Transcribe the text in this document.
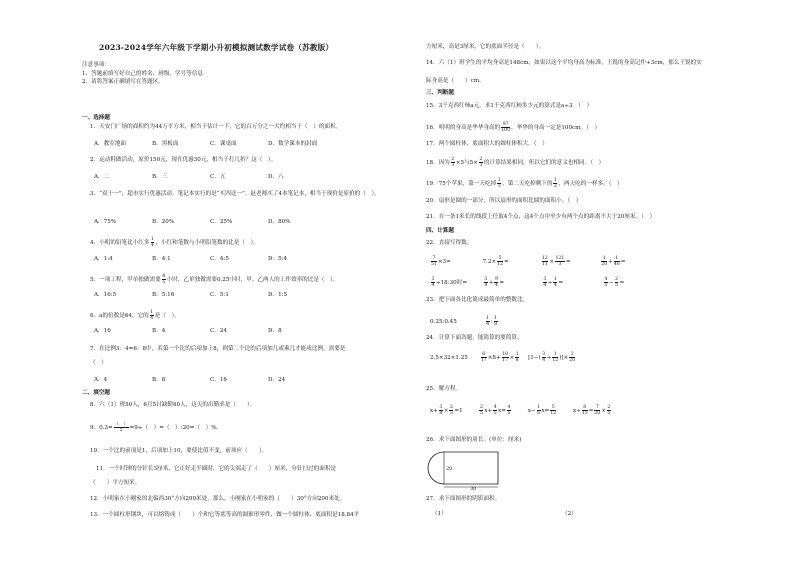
2023-2024学年六年级下学期小升初模拟测试数学试卷（苏教版）
注意事项：
1．答题前填写好自己的姓名、班级、学号等信息
2．请将答案正确填写在答题区。
一、选择题
1．天安门广场的面积约为44万平方米，相当于估计一下，它的百万分之一大约相当于（　）的面积。
A．教室地面	B．黑板面	C．课桌面	D．数学课本的封面
2．运动鞋做活动，原价150元，现在优惠30元，相当于打几折？这（　）。
A．二	B．三	C．五	D．八
3．“双十一”，超市实行优惠活动。笔记本实行的是“买四送一”。赵老师买了4本笔记本，相当于现价是原价的（　）。
A．75%	B．20%	C．25%	D．80%
4．小明的铅笔比小红多 $\frac{1}{4}$ ，小红和笔数与小明铅笔数的比是（　）。
A．1:4	B．4:1	C．4:5	D．5:4
5．一项工程，甲单独做需要 $\frac{4}{5}$ 小时，乙单独做需要0.25小时，甲、乙两人的工作效率的比是（　）。
A．16:5	B．5:16	C．5:1	D．1:5
6．a的倍数是64，它的 $\frac{1}{4}$ 是（　）。
A．16	B．4	C．24	D．8
7．在比例3：4=6：8中，若第一个比的后项加上8，则第二个比的后项加几或乘几才能成比例，需要是
（　）
A．4	B．8	C．16	D．24
二、填空题
8．六（1）班50人，6月5日缺勤40人，这天的出勤率是（　　）。
9．$0.3= \frac{( )}{5} =9\div$（　）=（　）:20=（　）%。
10．一个比的前项是1，后项加上10，要使比值不变，前项应（　　）。
11．一个时钟的分针长3厘米，它正好走半圈时，它的尖端走了（　　）厘米，分针扫过的面积是
（　　）平方厘米。
12．小明家在小刚家的北偏西30°方向200米处，那么，小刚家在小明家的（　　）30°方向200米处。
13．一个圆柱形钢块，可以熔铸成（　　）个和它等底等高的圆锥形零件，做一个圆柱体，底面积是18.84平
方厘米，高是3厘米，它的底面半径是（　　）。
14．六（1）班学生的平均身高是148cm，如果以这个平均身高为标准，王锐的身高记作+3cm，那么王锐的实
际身高是（　　）cm。
三、判断题
15．3千克西红柿a元，求1千克西红柿多少元的算式是a÷3　（　）
16．明明的身高是华华身高的 $\frac{97}{100}$ ，华华的身高一定是100cm。（　）
17．两个圆柱体，底面积大的圆柱体积大。（　）
18．因为 $\frac{2}{3} \times 5$与$5\times \frac{2}{3}$ 的计算结果相同，所以它们的意义也相同。（　）
19．75个苹果，第一天吃掉 $\frac{1}{3}$ ，第二天吃掉剩下的 $\frac{1}{2}$ ，两天吃的一样多。（　）
20．扇形是圆的一部分，所以扇形的面积比圆的面积小。（　）
21．在一条1米长的线段上任取4个点，这4个点中至少有两个点的距离不大于20厘米。（　）
四、计算题
22．直接写得数。
$\frac{7}{51} \times 3=$	$7.2\times \frac{5}{12}$ =	$\frac{12}{11} \times \frac{121}{3}$ =	$\frac{1}{20} + \frac{1}{40}$ =
$\frac{3}{4}$ ÷18:30时=	$\frac{3}{8} + \frac{9}{4}$ =	$\frac{3}{4} \div \frac{1}{4}$ =	$\frac{4}{5} - \frac{2}{5}$ =
23．把下面各比化简成最简单的整数比。
0.25:0.45	$\frac{1}{4}$ : $\frac{1}{8}$
24．计算下面各题，能简算的要简算。
2.5×32×1.25	$\frac{6}{17} \times 8+ \frac{10}{17} \times \frac{1}{8} [1-( \frac{3}{4} + \frac{1}{12}$ )]× $\frac{3}{20}$
25．解方程。
$x+ \frac{3}{8} \times \frac{2}{3} =1$	$\frac{2}{5} x+ \frac{4}{5} x= \frac{4}{5}$	$x- \frac{1}{6} x= \frac{5}{12}$	$x\div \frac{8}{15} = \frac{7}{20} \times \frac{2}{5}$
26．求下面图形的周长。(单位：厘米)
20
30
27．求下面图形的阴影面积。
（1）	（2）
